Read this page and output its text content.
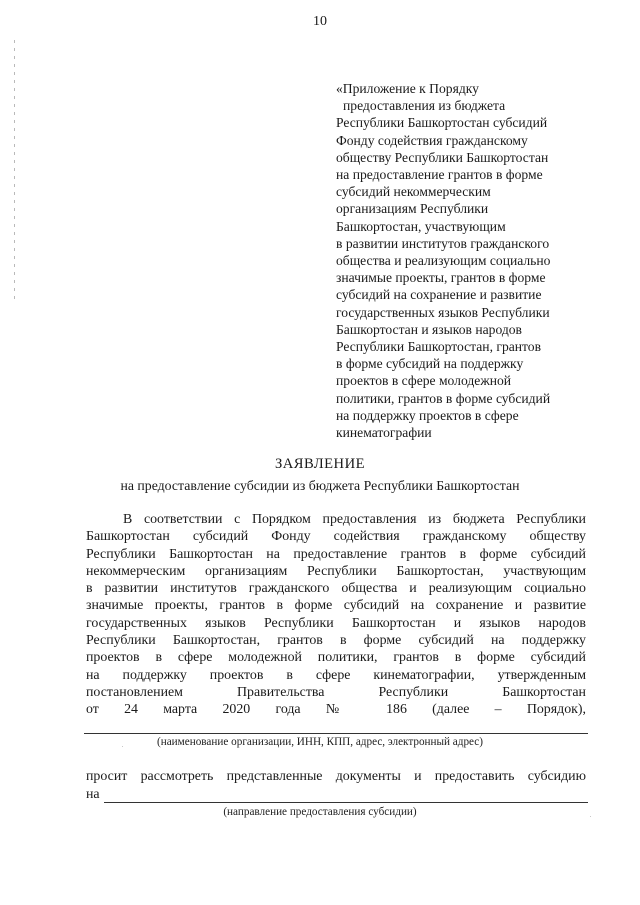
10
«Приложение к Порядку
предоставления из бюджета
Республики Башкортостан субсидий
Фонду содействия гражданскому
обществу Республики Башкортостан
на предоставление грантов в форме
субсидий некоммерческим
организациям Республики
Башкортостан, участвующим
в развитии институтов гражданского
общества и реализующим социально
значимые проекты, грантов в форме
субсидий на сохранение и развитие
государственных языков Республики
Башкортостан и языков народов
Республики Башкортостан, грантов
в форме субсидий на поддержку
проектов в сфере молодежной
политики, грантов в форме субсидий
на поддержку проектов в сфере
кинематографии
ЗАЯВЛЕНИЕ
на предоставление субсидии из бюджета Республики Башкортостан
В соответствии с Порядком предоставления из бюджета Республики
Башкортостан субсидий Фонду содействия гражданскому обществу
Республики Башкортостан на предоставление грантов в форме субсидий
некоммерческим организациям Республики Башкортостан, участвующим
в развитии институтов гражданского общества и реализующим социально
значимые проекты, грантов в форме субсидий на сохранение и развитие
государственных языков Республики Башкортостан и языков народов
Республики Башкортостан, грантов в форме субсидий на поддержку
проектов в сфере молодежной политики, грантов в форме субсидий
на поддержку проектов в сфере кинематографии, утвержденным
постановлением Правительства Республики Башкортостан
от 24 марта 2020 года № 186 (далее – Порядок),
(наименование организации, ИНН, КПП, адрес, электронный адрес)
просит рассмотреть представленные документы и предоставить субсидию
на
(направление предоставления субсидии)
